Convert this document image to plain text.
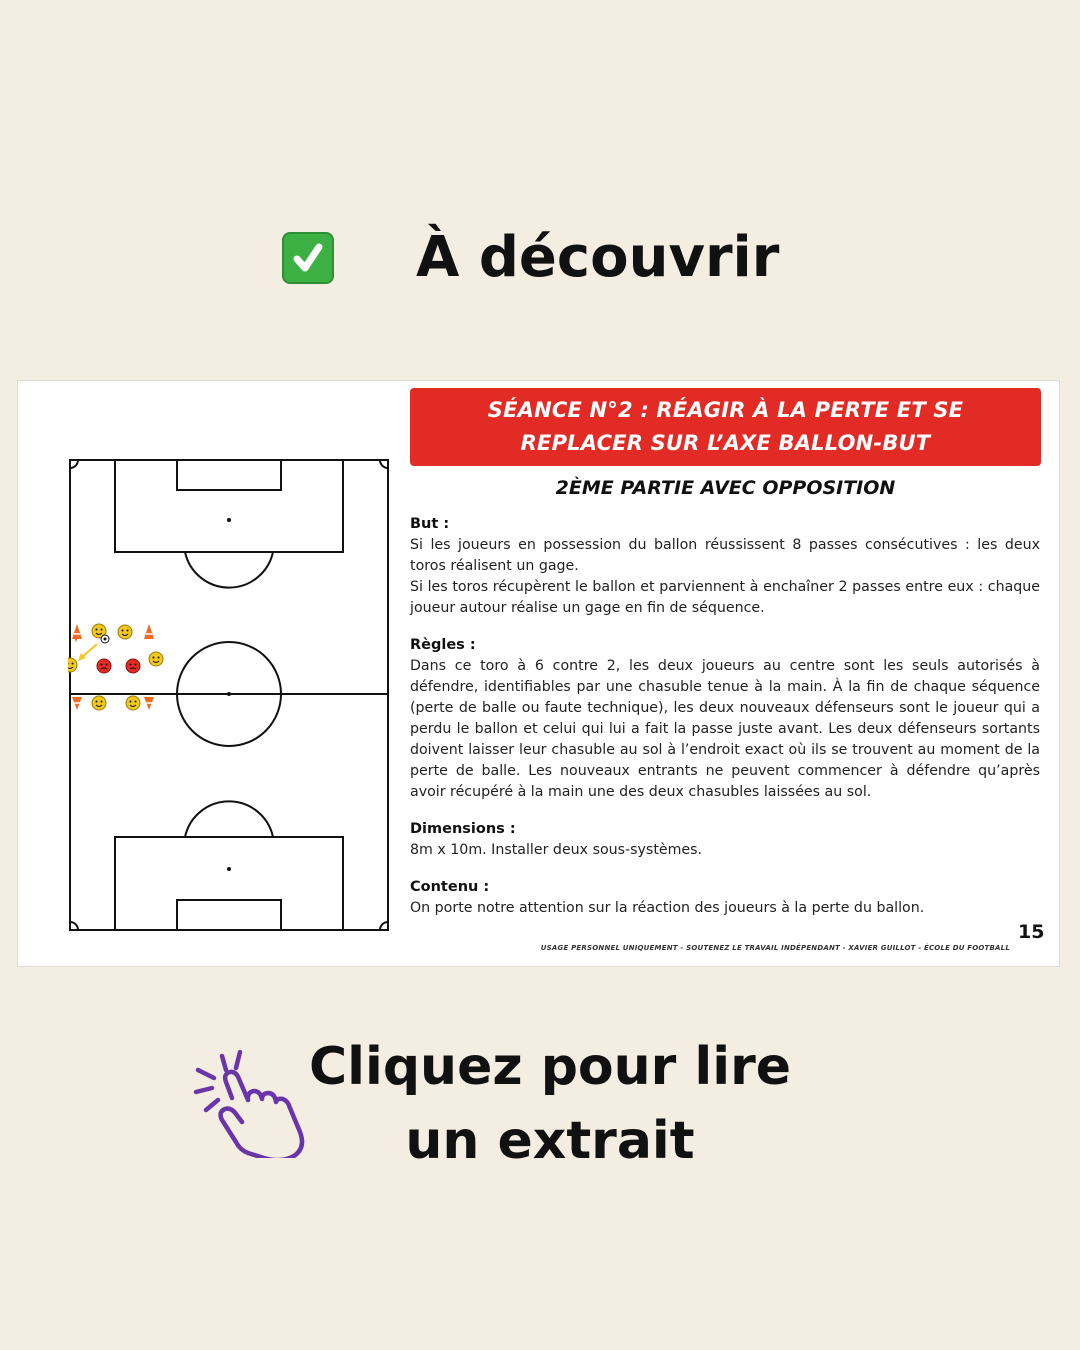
À découvrir
SÉANCE N°2 : RÉAGIR À LA PERTE ET SE
REPLACER SUR L’AXE BALLON-BUT
2ÈME PARTIE AVEC OPPOSITION
But :

Si les joueurs en possession du ballon réussissent 8 passes consécutives : les deux toros réalisent un gage.

Si les toros récupèrent le ballon et parviennent à enchaîner 2 passes entre eux : chaque joueur autour réalise un gage en fin de séquence.

Règles :

Dans ce toro à 6 contre 2, les deux joueurs au centre sont les seuls autorisés à défendre, identifiables par une chasuble tenue à la main. À la fin de chaque séquence (perte de balle ou faute technique), les deux nouveaux défenseurs sont le joueur qui a perdu le ballon et celui qui lui a fait la passe juste avant. Les deux défenseurs sortants doivent laisser leur chasuble au sol à l’endroit exact où ils se trouvent au moment de la perte de balle. Les nouveaux entrants ne peuvent commencer à défendre qu’après avoir récupéré à la main une des deux chasubles laissées au sol.

Dimensions :

8m x 10m. Installer deux sous-systèmes.

Contenu :

On porte notre attention sur la réaction des joueurs à la perte du ballon.

15
USAGE PERSONNEL UNIQUEMENT - SOUTENEZ LE TRAVAIL INDÉPENDANT - XAVIER GUILLOT - ÉCOLE DU FOOTBALL
Cliquez pour lire
un extrait
